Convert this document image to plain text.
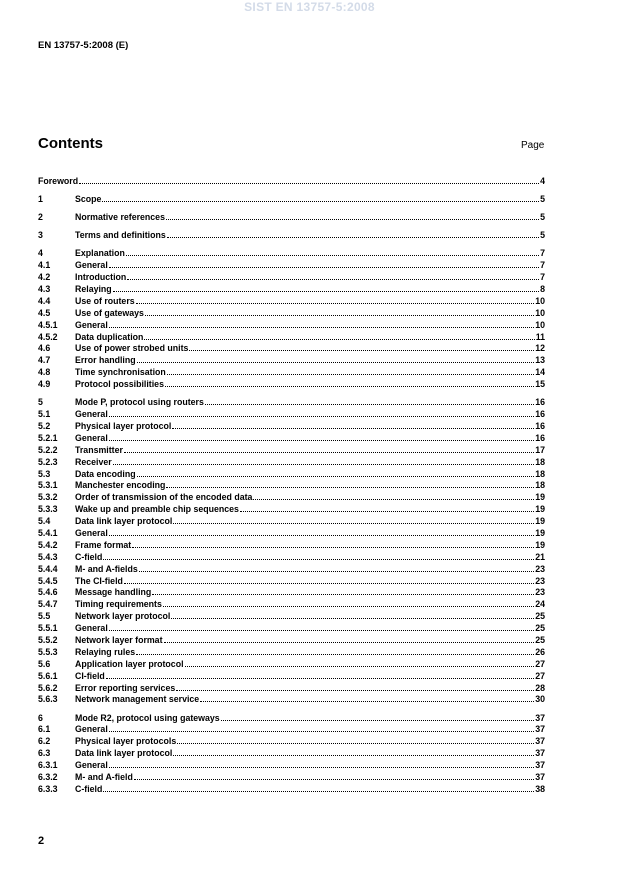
SIST EN 13757-5:2008
EN 13757-5:2008 (E)
Contents	Page
Foreword	4
1	Scope	5
2	Normative references	5
3	Terms and definitions	5
4	Explanation	7
4.1	General	7
4.2	Introduction	7
4.3	Relaying	8
4.4	Use of routers	10
4.5	Use of gateways	10
4.5.1	General	10
4.5.2	Data duplication	11
4.6	Use of power strobed units	12
4.7	Error handling	13
4.8	Time synchronisation	14
4.9	Protocol possibilities	15
5	Mode P, protocol using routers	16
5.1	General	16
5.2	Physical layer protocol	16
5.2.1	General	16
5.2.2	Transmitter	17
5.2.3	Receiver	18
5.3	Data encoding	18
5.3.1	Manchester encoding	18
5.3.2	Order of transmission of the encoded data	19
5.3.3	Wake up and preamble chip sequences	19
5.4	Data link layer protocol	19
5.4.1	General	19
5.4.2	Frame format	19
5.4.3	C-field	21
5.4.4	M- and A-fields	23
5.4.5	The CI-field	23
5.4.6	Message handling	23
5.4.7	Timing requirements	24
5.5	Network layer protocol	25
5.5.1	General	25
5.5.2	Network layer format	25
5.5.3	Relaying rules	26
5.6	Application layer protocol	27
5.6.1	CI-field	27
5.6.2	Error reporting services	28
5.6.3	Network management service	30
6	Mode R2, protocol using gateways	37
6.1	General	37
6.2	Physical layer protocols	37
6.3	Data link layer protocol	37
6.3.1	General	37
6.3.2	M- and A-field	37
6.3.3	C-field	38
2
